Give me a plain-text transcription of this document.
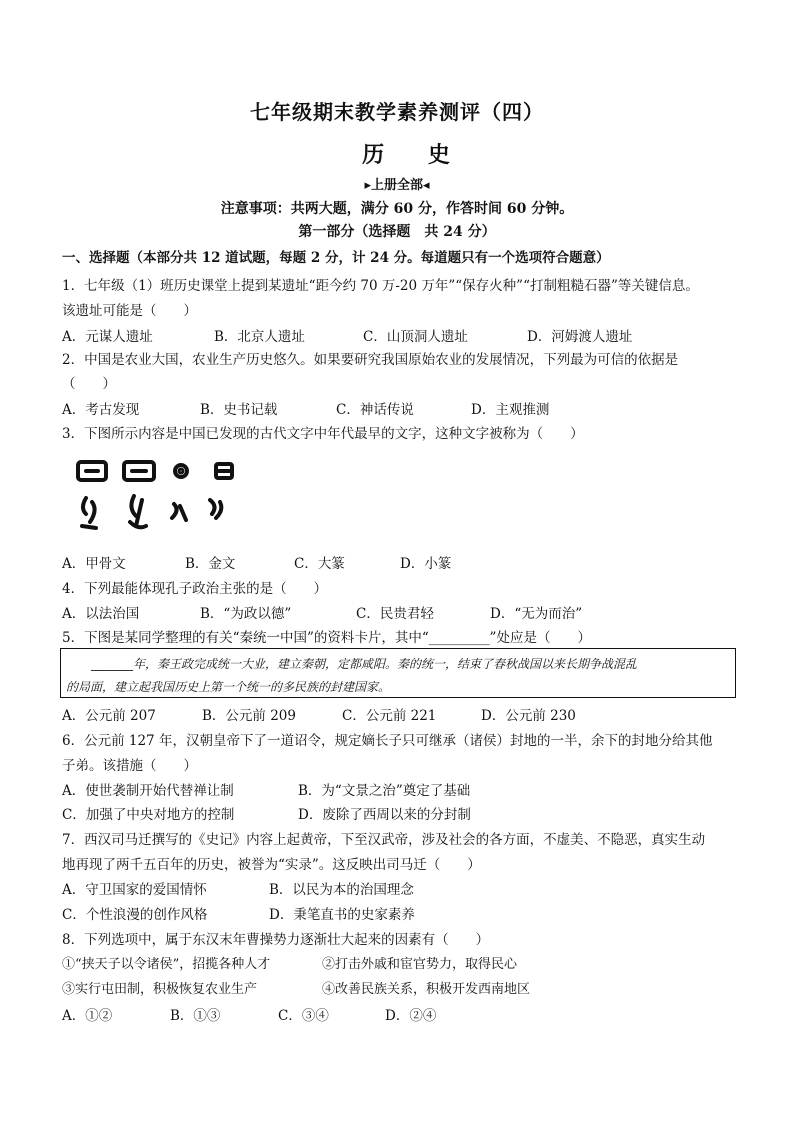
七年级期末教学素养测评（四）
历 史
▸上册全部◂
注意事项：共两大题，满分 60 分，作答时间 60 分钟。
第一部分（选择题　共 24 分）
一、选择题（本部分共 12 道试题，每题 2 分，计 24 分。每道题只有一个选项符合题意）
1．七年级（1）班历史课堂上提到某遗址“距今约 70 万-20 万年”“保存火种”“打制粗糙石器”等关键信息。
该遗址可能是（　　）
A．元谋人遗址	B．北京人遗址	C．山顶洞人遗址	D．河姆渡人遗址
2．中国是农业大国，农业生产历史悠久。如果要研究我国原始农业的发展情况，下列最为可信的依据是
（　　）
A．考古发现	B．史书记载	C．神话传说	D．主观推测
3．下图所示内容是中国已发现的古代文字中年代最早的文字，这种文字被称为（　　）
A．甲骨文	B．金文	C．大篆	D．小篆
4．下列最能体现孔子政治主张的是（　　）
A．以法治国	B．“为政以德”	C．民贵君轻	D．“无为而治”
5．下图是某同学整理的有关“秦统一中国”的资料卡片，其中“_________”处应是（　　）
_______年，秦王政完成统一大业，建立秦朝，定都咸阳。秦的统一，结束了春秋战国以来长期争战混乱
的局面，建立起我国历史上第一个统一的多民族的封建国家。
A．公元前 207	B．公元前 209	C．公元前 221	D．公元前 230
6．公元前 127 年，汉朝皇帝下了一道诏令，规定嫡长子只可继承（诸侯）封地的一半，余下的封地分给其他
子弟。该措施（　　）
A．使世袭制开始代替禅让制	B．为“文景之治”奠定了基础
C．加强了中央对地方的控制	D．废除了西周以来的分封制
7．西汉司马迁撰写的《史记》内容上起黄帝，下至汉武帝，涉及社会的各方面，不虚美、不隐恶，真实生动
地再现了两千五百年的历史，被誉为“实录”。这反映出司马迁（　　）
A．守卫国家的爱国情怀	B．以民为本的治国理念
C．个性浪漫的创作风格	D．秉笔直书的史家素养
8．下列选项中，属于东汉末年曹操势力逐渐壮大起来的因素有（　　）
①“挟天子以令诸侯”，招揽各种人才	②打击外戚和宦官势力，取得民心
③实行屯田制，积极恢复农业生产	④改善民族关系，积极开发西南地区
A．①②	B．①③	C．③④	D．②④
